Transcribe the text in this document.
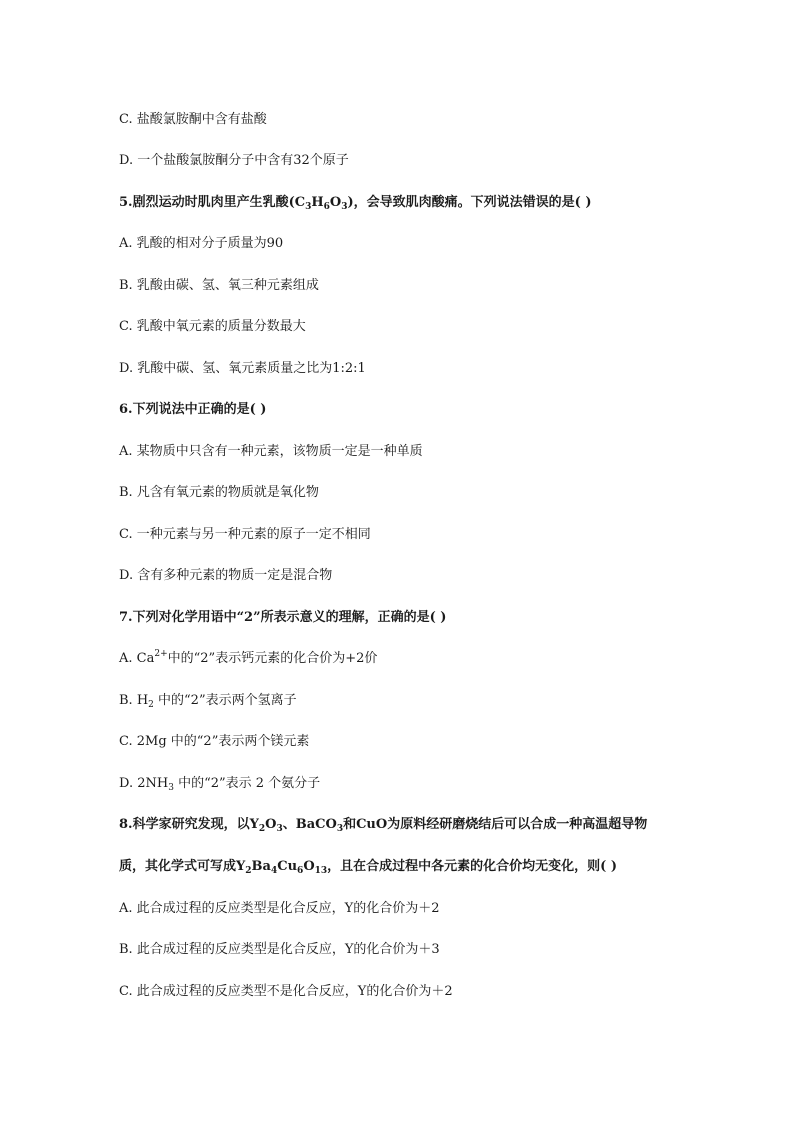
C. 盐酸氯胺酮中含有盐酸
D. 一个盐酸氯胺酮分子中含有32个原子
5.剧烈运动时肌肉里产生乳酸$(C_3H_6O_3)$，会导致肌肉酸痛。下列说法错误的是( )
A. 乳酸的相对分子质量为90
B. 乳酸由碳、氢、氧三种元素组成
C. 乳酸中氧元素的质量分数最大
D. 乳酸中碳、氢、氧元素质量之比为1:2:1
6.下列说法中正确的是( )
A. 某物质中只含有一种元素，该物质一定是一种单质
B. 凡含有氧元素的物质就是氧化物
C. 一种元素与另一种元素的原子一定不相同
D. 含有多种元素的物质一定是混合物
7.下列对化学用语中“2”所表示意义的理解，正确的是( )
A. $Ca^{2+}$中的“2”表示钙元素的化合价为+2价
B. $H_2$ 中的“2”表示两个氢离子
C. 2Mg 中的“2”表示两个镁元素
D. $2NH_3$ 中的“2”表示 2 个氨分子
8.科学家研究发现，以$Y_2O_3$、BaCO$_3$和CuO为原料经研磨烧结后可以合成一种高温超导物
质，其化学式可写成$Y_2Ba_4Cu_6O_{13}$，且在合成过程中各元素的化合价均无变化，则( )
A. 此合成过程的反应类型是化合反应，Y的化合价为＋2
B. 此合成过程的反应类型是化合反应，Y的化合价为＋3
C. 此合成过程的反应类型不是化合反应，Y的化合价为＋2
